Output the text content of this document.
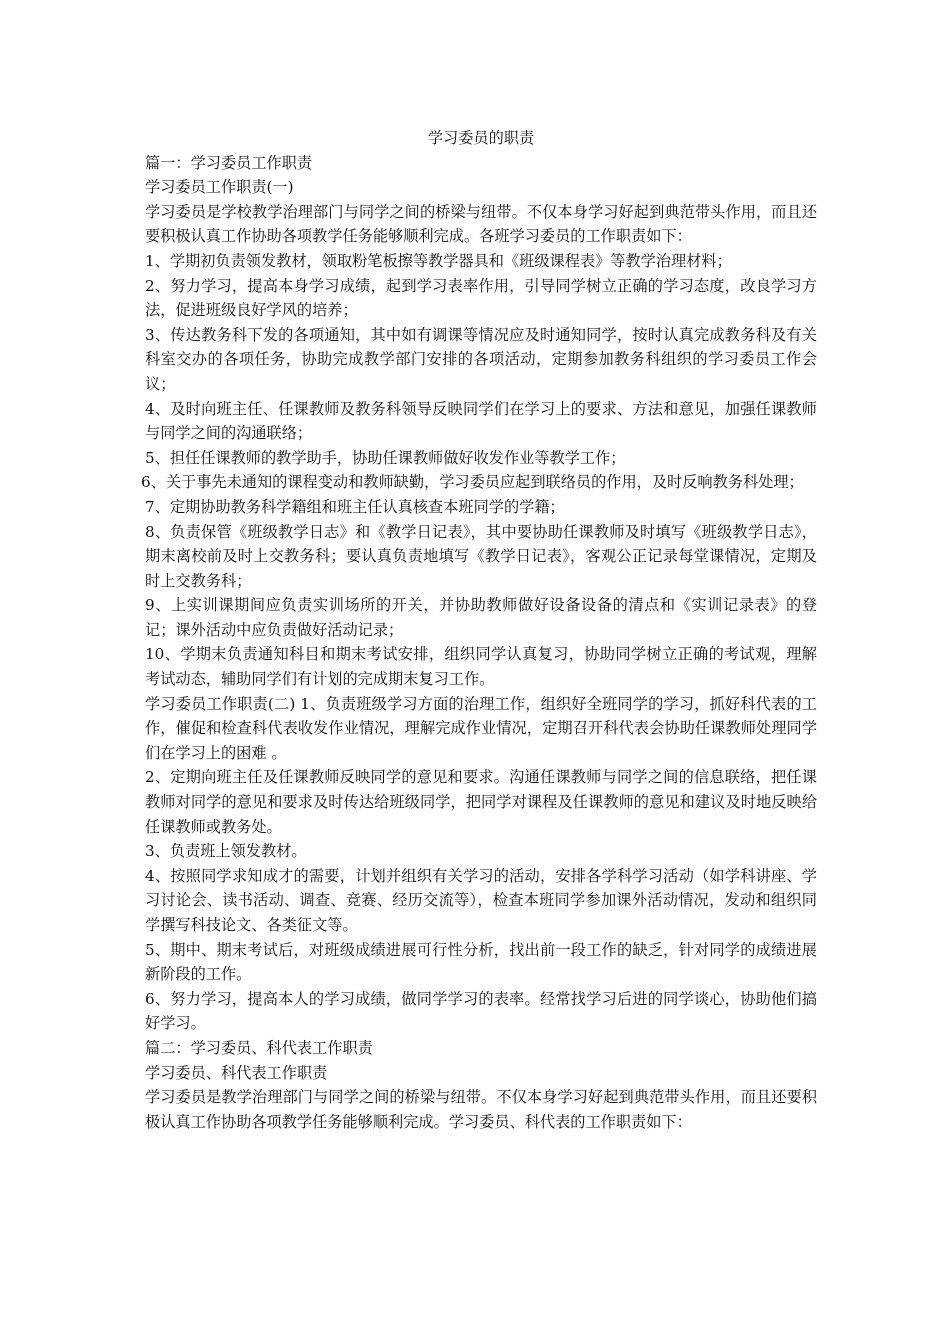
学习委员的职责

篇一：学习委员工作职责

学习委员工作职责(一)

学习委员是学校教学治理部门与同学之间的桥梁与纽带。不仅本身学习好起到典范带头作用，而且还要积极认真工作协助各项教学任务能够顺利完成。各班学习委员的工作职责如下：

1、学期初负责领发教材，领取粉笔板擦等教学器具和《班级课程表》等教学治理材料；

2、努力学习，提高本身学习成绩，起到学习表率作用，引导同学树立正确的学习态度，改良学习方法，促进班级良好学风的培养；

3、传达教务科下发的各项通知，其中如有调课等情况应及时通知同学，按时认真完成教务科及有关科室交办的各项任务，协助完成教学部门安排的各项活动，定期参加教务科组织的学习委员工作会议；

4、及时向班主任、任课教师及教务科领导反映同学们在学习上的要求、方法和意见，加强任课教师与同学之间的沟通联络；

5、担任任课教师的教学助手，协助任课教师做好收发作业等教学工作；

6、关于事先未通知的课程变动和教师缺勤，学习委员应起到联络员的作用，及时反响教务科处理；

7、定期协助教务科学籍组和班主任认真核查本班同学的学籍；

8、负责保管《班级教学日志》和《教学日记表》，其中要协助任课教师及时填写《班级教学日志》，期末离校前及时上交教务科；要认真负责地填写《教学日记表》，客观公正记录每堂课情况，定期及时上交教务科；

9、上实训课期间应负责实训场所的开关，并协助教师做好设备设备的清点和《实训记录表》的登记；课外活动中应负责做好活动记录；

10、学期末负责通知科目和期末考试安排，组织同学认真复习，协助同学树立正确的考试观，理解考试动态，辅助同学们有计划的完成期末复习工作。

学习委员工作职责(二) 1、负责班级学习方面的治理工作，组织好全班同学的学习，抓好科代表的工作，催促和检查科代表收发作业情况，理解完成作业情况，定期召开科代表会协助任课教师处理同学们在学习上的困难 。

2、定期向班主任及任课教师反映同学的意见和要求。沟通任课教师与同学之间的信息联络，把任课教师对同学的意见和要求及时传达给班级同学，把同学对课程及任课教师的意见和建议及时地反映给任课教师或教务处。

3、负责班上领发教材。

4、按照同学求知成才的需要，计划并组织有关学习的活动，安排各学科学习活动（如学科讲座、学习讨论会、读书活动、调查、竞赛、经历交流等），检查本班同学参加课外活动情况，发动和组织同学撰写科技论文、各类征文等。

5、期中、期末考试后，对班级成绩进展可行性分析，找出前一段工作的缺乏，针对同学的成绩进展新阶段的工作。

6、努力学习，提高本人的学习成绩，做同学学习的表率。经常找学习后进的同学谈心，协助他们搞好学习。

篇二：学习委员、科代表工作职责

学习委员、科代表工作职责

学习委员是教学治理部门与同学之间的桥梁与纽带。不仅本身学习好起到典范带头作用，而且还要积极认真工作协助各项教学任务能够顺利完成。学习委员、科代表的工作职责如下：
